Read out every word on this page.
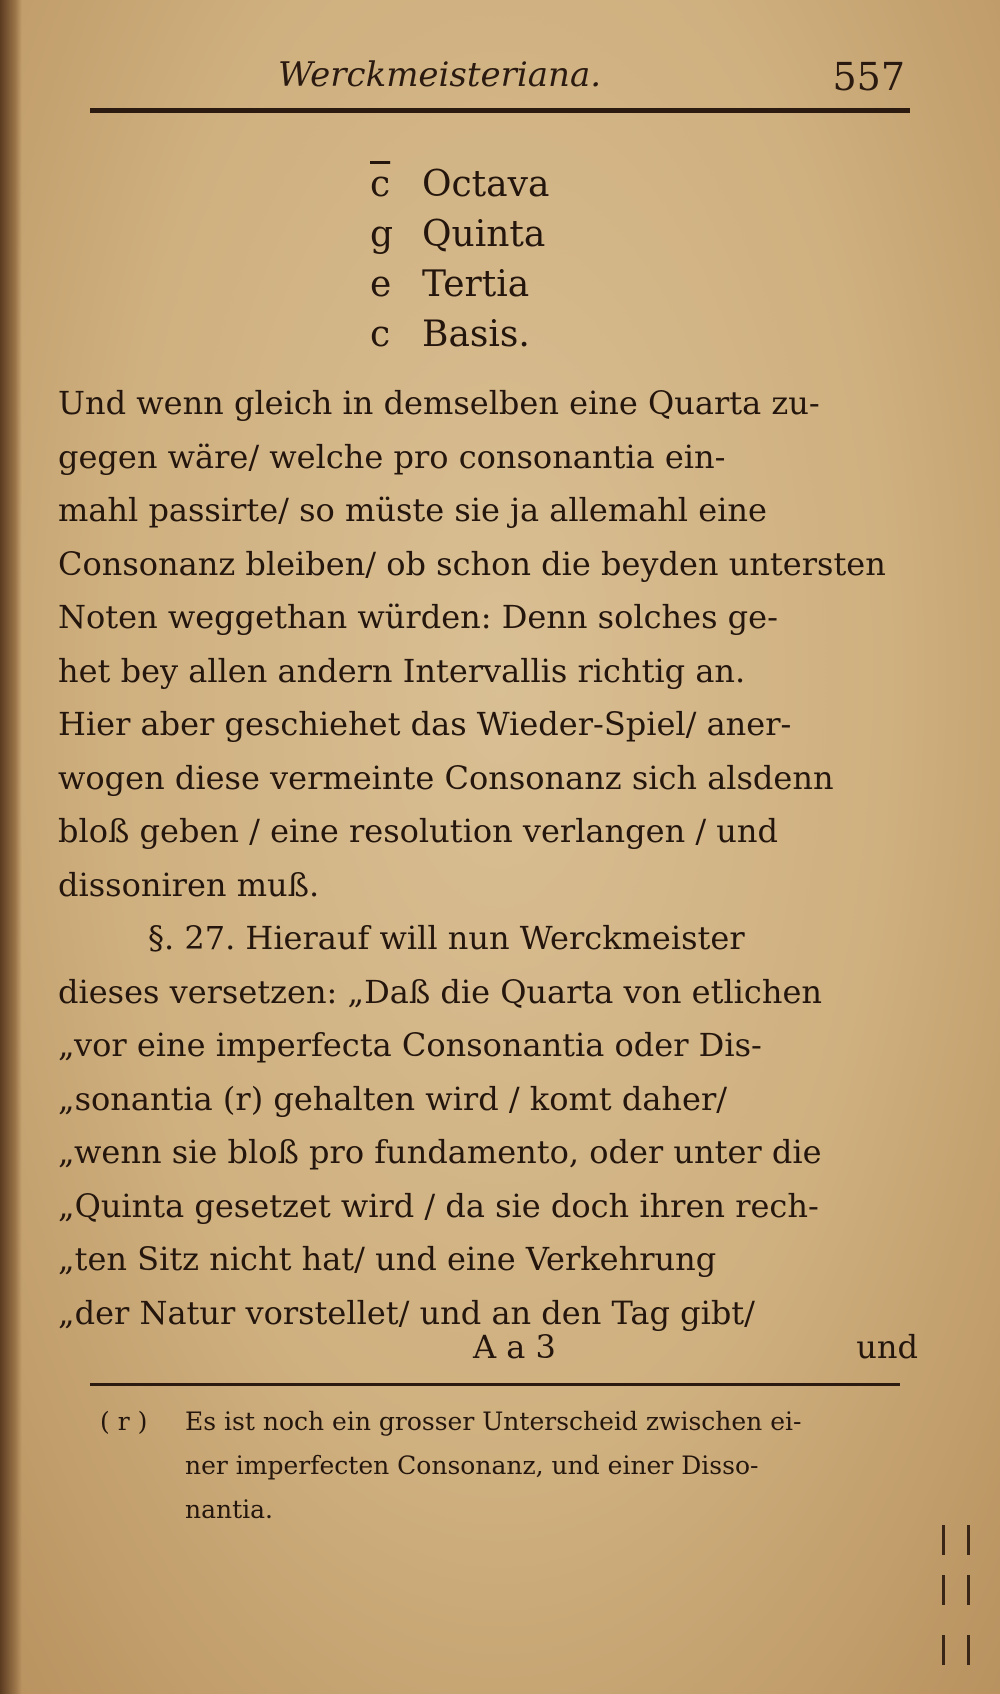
Werckmeisteriana.	557
$\overline{c}$ Octava
g Quinta
e Tertia
c Basis.
Und wenn gleich in demselben eine Quarta zu-
gegen wäre/ welche pro consonantia ein-
mahl passirte/ so müste sie ja allemahl eine
Consonanz bleiben/ ob schon die beyden untersten
Noten weggethan würden: Denn solches ge-
het bey allen andern Intervallis richtig an.
Hier aber geschiehet das Wieder-Spiel/ aner-
wogen diese vermeinte Consonanz sich alsdenn
bloß geben / eine resolution verlangen / und
dissoniren muß.
§. 27. Hierauf will nun Werckmeister
dieses versetzen: „Daß die Quarta von etlichen
„vor eine imperfecta Consonantia oder Dis-
„sonantia (r) gehalten wird / komt daher/
„wenn sie bloß pro fundamento, oder unter die
„Quinta gesetzet wird / da sie doch ihren rech-
„ten Sitz nicht hat/ und eine Verkehrung
„der Natur vorstellet/ und an den Tag gibt/
A a 3	und
( r ) Es ist noch ein grosser Unterscheid zwischen ei-
ner imperfecten Consonanz, und einer Disso-
nantia.
